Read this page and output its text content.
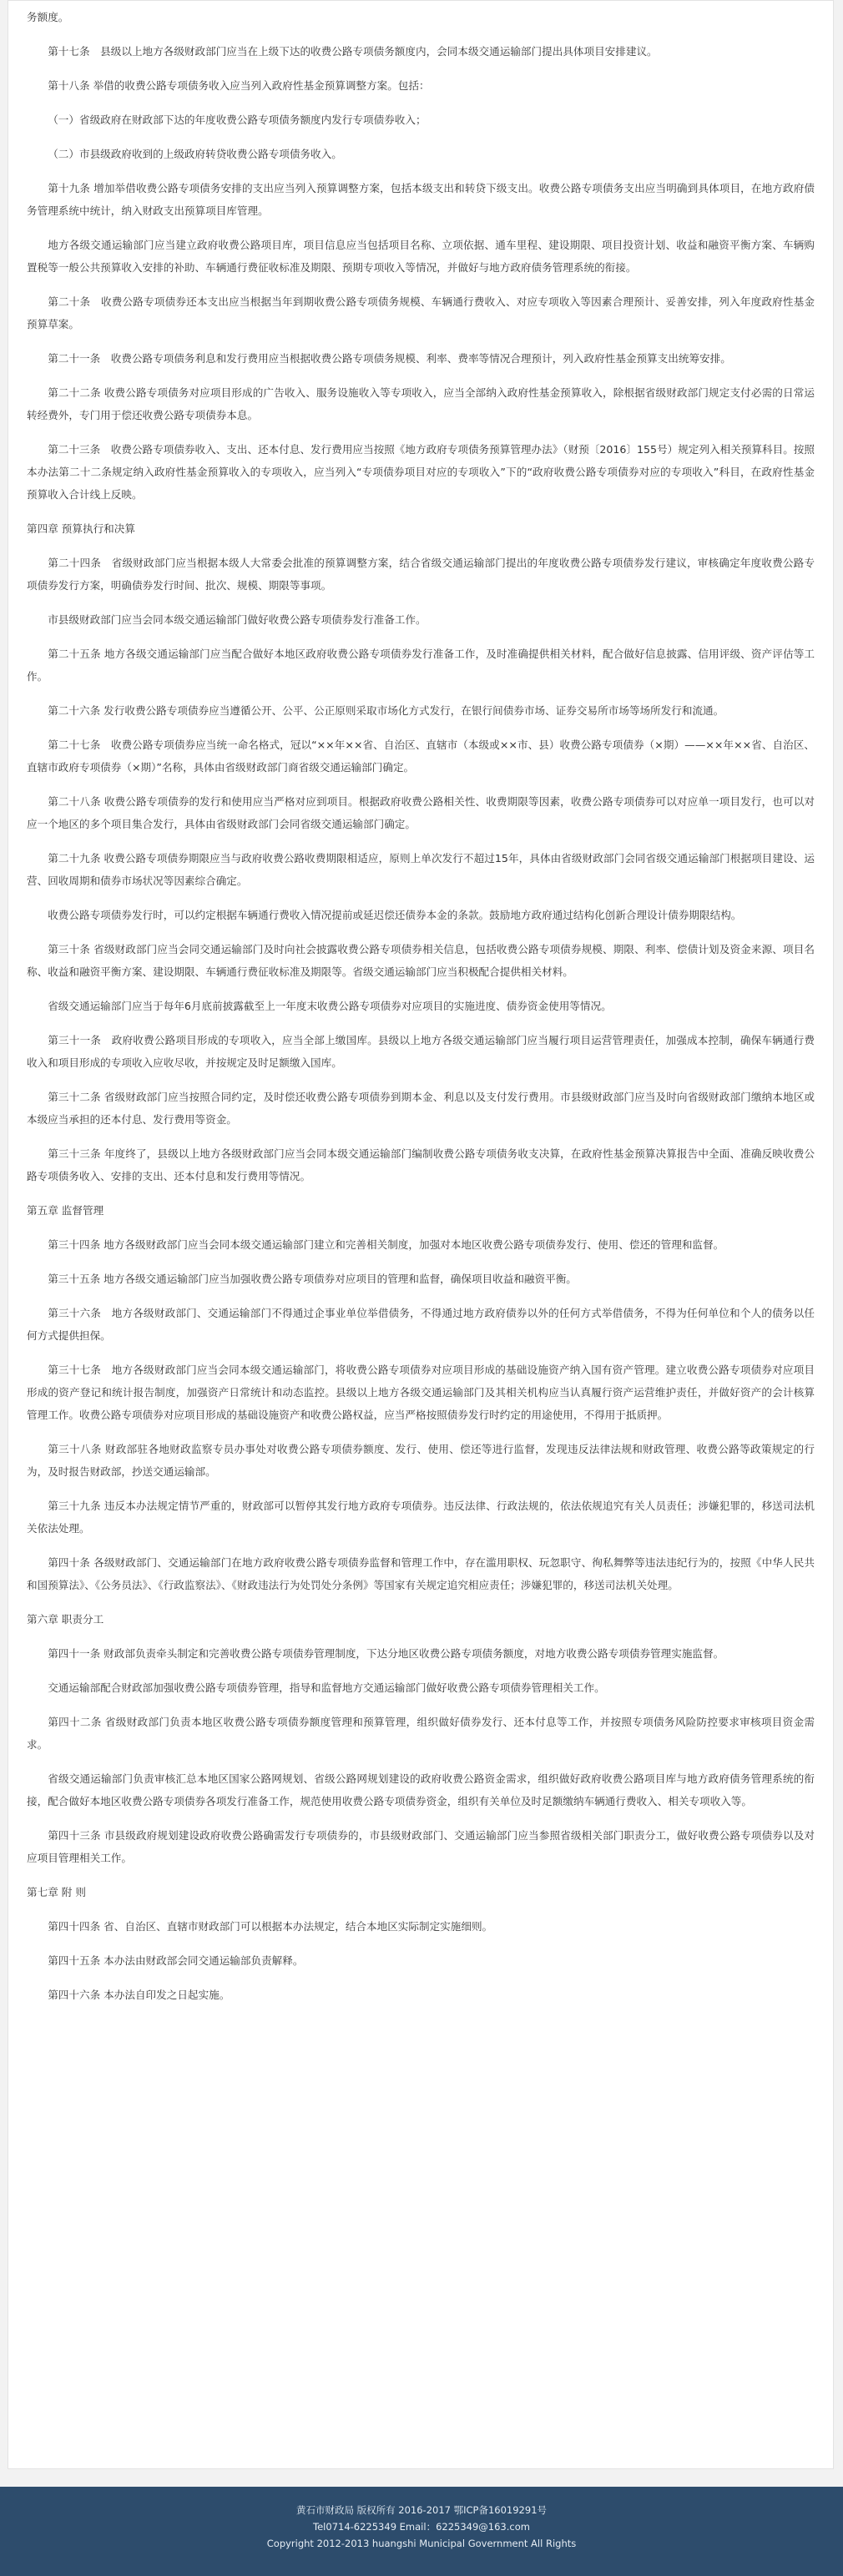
务额度。

第十七条　县级以上地方各级财政部门应当在上级下达的收费公路专项债务额度内，会同本级交通运输部门提出具体项目安排建议。

第十八条 举借的收费公路专项债务收入应当列入政府性基金预算调整方案。包括：

（一）省级政府在财政部下达的年度收费公路专项债务额度内发行专项债券收入；

（二）市县级政府收到的上级政府转贷收费公路专项债务收入。

第十九条 增加举借收费公路专项债务安排的支出应当列入预算调整方案，包括本级支出和转贷下级支出。收费公路专项债务支出应当明确到具体项目，在地方政府债务管理系统中统计，纳入财政支出预算项目库管理。

地方各级交通运输部门应当建立政府收费公路项目库，项目信息应当包括项目名称、立项依据、通车里程、建设期限、项目投资计划、收益和融资平衡方案、车辆购置税等一般公共预算收入安排的补助、车辆通行费征收标准及期限、预期专项收入等情况，并做好与地方政府债务管理系统的衔接。

第二十条　收费公路专项债券还本支出应当根据当年到期收费公路专项债务规模、车辆通行费收入、对应专项收入等因素合理预计、妥善安排，列入年度政府性基金预算草案。

第二十一条　收费公路专项债务利息和发行费用应当根据收费公路专项债务规模、利率、费率等情况合理预计，列入政府性基金预算支出统筹安排。

第二十二条 收费公路专项债务对应项目形成的广告收入、服务设施收入等专项收入，应当全部纳入政府性基金预算收入，除根据省级财政部门规定支付必需的日常运转经费外，专门用于偿还收费公路专项债券本息。

第二十三条　收费公路专项债券收入、支出、还本付息、发行费用应当按照《地方政府专项债务预算管理办法》（财预〔2016〕155号）规定列入相关预算科目。按照本办法第二十二条规定纳入政府性基金预算收入的专项收入，应当列入“专项债券项目对应的专项收入”下的“政府收费公路专项债券对应的专项收入”科目，在政府性基金预算收入合计线上反映。

第四章 预算执行和决算

第二十四条　省级财政部门应当根据本级人大常委会批准的预算调整方案，结合省级交通运输部门提出的年度收费公路专项债券发行建议，审核确定年度收费公路专项债券发行方案，明确债券发行时间、批次、规模、期限等事项。

市县级财政部门应当会同本级交通运输部门做好收费公路专项债券发行准备工作。

第二十五条 地方各级交通运输部门应当配合做好本地区政府收费公路专项债券发行准备工作，及时准确提供相关材料，配合做好信息披露、信用评级、资产评估等工作。

第二十六条 发行收费公路专项债券应当遵循公开、公平、公正原则采取市场化方式发行，在银行间债券市场、证券交易所市场等场所发行和流通。

第二十七条　收费公路专项债券应当统一命名格式，冠以“××年××省、自治区、直辖市（本级或××市、县）收费公路专项债券（×期）——××年××省、自治区、直辖市政府专项债券（×期）”名称，具体由省级财政部门商省级交通运输部门确定。

第二十八条 收费公路专项债券的发行和使用应当严格对应到项目。根据政府收费公路相关性、收费期限等因素，收费公路专项债券可以对应单一项目发行，也可以对应一个地区的多个项目集合发行，具体由省级财政部门会同省级交通运输部门确定。

第二十九条 收费公路专项债券期限应当与政府收费公路收费期限相适应，原则上单次发行不超过15年，具体由省级财政部门会同省级交通运输部门根据项目建设、运营、回收周期和债券市场状况等因素综合确定。

收费公路专项债券发行时，可以约定根据车辆通行费收入情况提前或延迟偿还债券本金的条款。鼓励地方政府通过结构化创新合理设计债券期限结构。

第三十条 省级财政部门应当会同交通运输部门及时向社会披露收费公路专项债券相关信息，包括收费公路专项债券规模、期限、利率、偿债计划及资金来源、项目名称、收益和融资平衡方案、建设期限、车辆通行费征收标准及期限等。省级交通运输部门应当积极配合提供相关材料。

省级交通运输部门应当于每年6月底前披露截至上一年度末收费公路专项债券对应项目的实施进度、债券资金使用等情况。

第三十一条　政府收费公路项目形成的专项收入，应当全部上缴国库。县级以上地方各级交通运输部门应当履行项目运营管理责任，加强成本控制，确保车辆通行费收入和项目形成的专项收入应收尽收，并按规定及时足额缴入国库。

第三十二条 省级财政部门应当按照合同约定，及时偿还收费公路专项债券到期本金、利息以及支付发行费用。市县级财政部门应当及时向省级财政部门缴纳本地区或本级应当承担的还本付息、发行费用等资金。

第三十三条 年度终了，县级以上地方各级财政部门应当会同本级交通运输部门编制收费公路专项债务收支决算，在政府性基金预算决算报告中全面、准确反映收费公路专项债务收入、安排的支出、还本付息和发行费用等情况。

第五章 监督管理

第三十四条 地方各级财政部门应当会同本级交通运输部门建立和完善相关制度，加强对本地区收费公路专项债券发行、使用、偿还的管理和监督。

第三十五条 地方各级交通运输部门应当加强收费公路专项债券对应项目的管理和监督，确保项目收益和融资平衡。

第三十六条　地方各级财政部门、交通运输部门不得通过企事业单位举借债务，不得通过地方政府债券以外的任何方式举借债务，不得为任何单位和个人的债务以任何方式提供担保。

第三十七条　地方各级财政部门应当会同本级交通运输部门，将收费公路专项债券对应项目形成的基础设施资产纳入国有资产管理。建立收费公路专项债券对应项目形成的资产登记和统计报告制度，加强资产日常统计和动态监控。县级以上地方各级交通运输部门及其相关机构应当认真履行资产运营维护责任，并做好资产的会计核算管理工作。收费公路专项债券对应项目形成的基础设施资产和收费公路权益，应当严格按照债券发行时约定的用途使用，不得用于抵质押。

第三十八条 财政部驻各地财政监察专员办事处对收费公路专项债券额度、发行、使用、偿还等进行监督，发现违反法律法规和财政管理、收费公路等政策规定的行为，及时报告财政部，抄送交通运输部。

第三十九条 违反本办法规定情节严重的，财政部可以暂停其发行地方政府专项债券。违反法律、行政法规的，依法依规追究有关人员责任；涉嫌犯罪的，移送司法机关依法处理。

第四十条 各级财政部门、交通运输部门在地方政府收费公路专项债券监督和管理工作中，存在滥用职权、玩忽职守、徇私舞弊等违法违纪行为的，按照《中华人民共和国预算法》、《公务员法》、《行政监察法》、《财政违法行为处罚处分条例》等国家有关规定追究相应责任；涉嫌犯罪的，移送司法机关处理。

第六章 职责分工

第四十一条 财政部负责牵头制定和完善收费公路专项债券管理制度，下达分地区收费公路专项债务额度，对地方收费公路专项债券管理实施监督。

交通运输部配合财政部加强收费公路专项债券管理，指导和监督地方交通运输部门做好收费公路专项债券管理相关工作。

第四十二条 省级财政部门负责本地区收费公路专项债券额度管理和预算管理，组织做好债券发行、还本付息等工作，并按照专项债务风险防控要求审核项目资金需求。

省级交通运输部门负责审核汇总本地区国家公路网规划、省级公路网规划建设的政府收费公路资金需求，组织做好政府收费公路项目库与地方政府债务管理系统的衔接，配合做好本地区收费公路专项债券各项发行准备工作，规范使用收费公路专项债券资金，组织有关单位及时足额缴纳车辆通行费收入、相关专项收入等。

第四十三条 市县级政府规划建设政府收费公路确需发行专项债券的，市县级财政部门、交通运输部门应当参照省级相关部门职责分工，做好收费公路专项债券以及对应项目管理相关工作。

第七章 附 则

第四十四条 省、自治区、直辖市财政部门可以根据本办法规定，结合本地区实际制定实施细则。

第四十五条 本办法由财政部会同交通运输部负责解释。

第四十六条 本办法自印发之日起实施。

黄石市财政局 版权所有 2016-2017 鄂ICP备16019291号
Tel0714-6225349 Email：6225349@163.com
Copyright 2012-2013 huangshi Municipal Government All Rights
